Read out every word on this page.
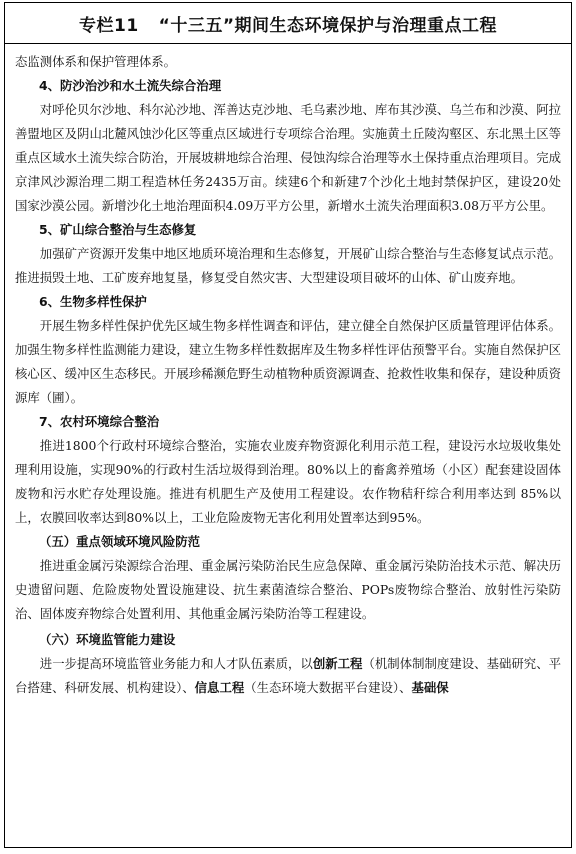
专栏11 “十三五”期间生态环境保护与治理重点工程

态监测体系和保护管理体系。

4、防沙治沙和水土流失综合治理

对呼伦贝尔沙地、科尔沁沙地、浑善达克沙地、毛乌素沙地、库布其沙漠、乌兰布和沙漠、阿拉善盟地区及阴山北麓风蚀沙化区等重点区域进行专项综合治理。实施黄土丘陵沟壑区、东北黑土区等重点区域水土流失综合防治，开展坡耕地综合治理、侵蚀沟综合治理等水土保持重点治理项目。完成京津风沙源治理二期工程造林任务2435万亩。续建6个和新建7个沙化土地封禁保护区，建设20处国家沙漠公园。新增沙化土地治理面积4.09万平方公里，新增水土流失治理面积3.08万平方公里。

5、矿山综合整治与生态修复

加强矿产资源开发集中地区地质环境治理和生态修复，开展矿山综合整治与生态修复试点示范。推进损毁土地、工矿废弃地复垦，修复受自然灾害、大型建设项目破坏的山体、矿山废弃地。

6、生物多样性保护

开展生物多样性保护优先区域生物多样性调查和评估，建立健全自然保护区质量管理评估体系。加强生物多样性监测能力建设，建立生物多样性数据库及生物多样性评估预警平台。实施自然保护区核心区、缓冲区生态移民。开展珍稀濒危野生动植物种质资源调查、抢救性收集和保存，建设种质资源库（圃）。

7、农村环境综合整治

推进1800个行政村环境综合整治，实施农业废弃物资源化利用示范工程，建设污水垃圾收集处理利用设施，实现90%的行政村生活垃圾得到治理。80%以上的畜禽养殖场（小区）配套建设固体废物和污水贮存处理设施。推进有机肥生产及使用工程建设。农作物秸秆综合利用率达到 85%以上，农膜回收率达到80%以上，工业危险废物无害化利用处置率达到95%。

（五）重点领域环境风险防范

推进重金属污染源综合治理、重金属污染防治民生应急保障、重金属污染防治技术示范、解决历史遗留问题、危险废物处置设施建设、抗生素菌渣综合整治、POPs废物综合整治、放射性污染防治、固体废弃物综合处置利用、其他重金属污染防治等工程建设。

（六）环境监管能力建设

进一步提高环境监管业务能力和人才队伍素质，以创新工程（机制体制制度建设、基础研究、平台搭建、科研发展、机构建设）、信息工程（生态环境大数据平台建设）、基础保
